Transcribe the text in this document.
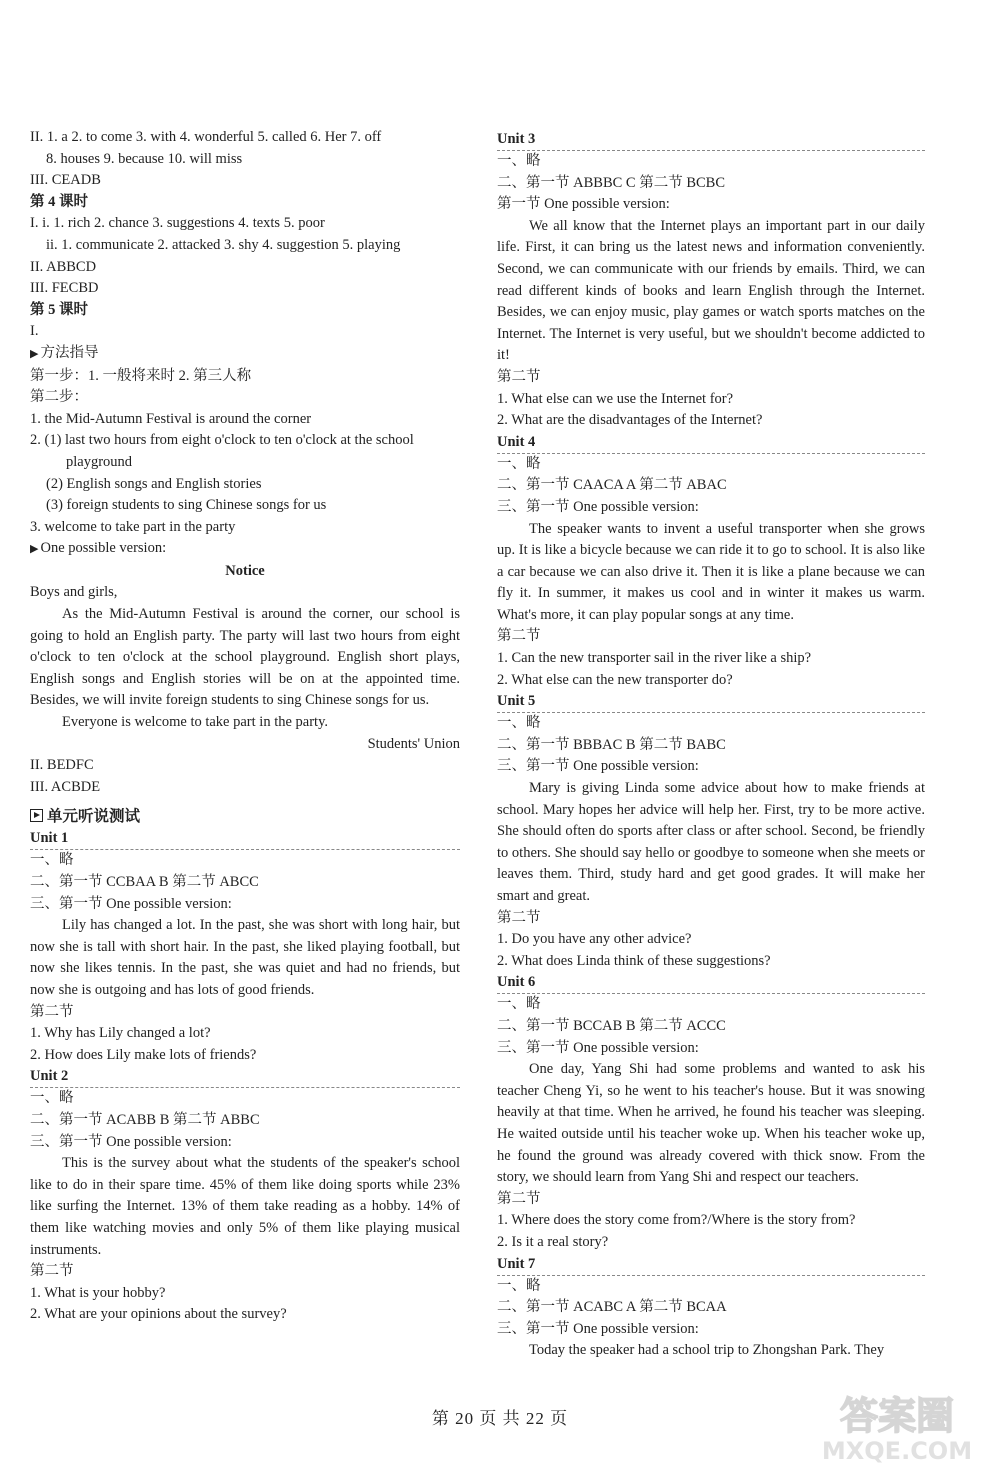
II. 1. a 2. to come 3. with 4. wonderful 5. called 6. Her 7. off
8. houses 9. because 10. will miss
III. CEADB
第 4 课时
I. i. 1. rich 2. chance 3. suggestions 4. texts 5. poor
ii. 1. communicate 2. attacked 3. shy 4. suggestion 5. playing
II. ABBCD
III. FECBD
第 5 课时
I.
▶ 方法指导
第一步：1. 一般将来时 2. 第三人称
第二步：
1. the Mid-Autumn Festival is around the corner
2. (1) last two hours from eight o'clock to ten o'clock at the school
playground
(2) English songs and English stories
(3) foreign students to sing Chinese songs for us
3. welcome to take part in the party
▶ One possible version:
Notice
Boys and girls,
As the Mid-Autumn Festival is around the corner, our school is going to hold an English party. The party will last two hours from eight o'clock to ten o'clock at the school playground. English short plays, English songs and English stories will be on at the appointed time. Besides, we will invite foreign students to sing Chinese songs for us.
Everyone is welcome to take part in the party.
Students' Union
II. BEDFC
III. ACBDE
单元听说测试
Unit 1
一、略
二、第一节 CCBAA B 第二节 ABCC
三、第一节 One possible version:
Lily has changed a lot. In the past, she was short with long hair, but now she is tall with short hair. In the past, she liked playing football, but now she likes tennis. In the past, she was quiet and had no friends, but now she is outgoing and has lots of good friends.
第二节
1. Why has Lily changed a lot?
2. How does Lily make lots of friends?
Unit 2
一、略
二、第一节 ACABB B 第二节 ABBC
三、第一节 One possible version:
This is the survey about what the students of the speaker's school like to do in their spare time. 45% of them like doing sports while 23% like surfing the Internet. 13% of them take reading as a hobby. 14% of them like watching movies and only 5% of them like playing musical instruments.
第二节
1. What is your hobby?
2. What are your opinions about the survey?
Unit 3
一、略
二、第一节 ABBBC C 第二节 BCBC
第一节 One possible version:
We all know that the Internet plays an important part in our daily life. First, it can bring us the latest news and information conveniently. Second, we can communicate with our friends by emails. Third, we can read different kinds of books and learn English through the Internet. Besides, we can enjoy music, play games or watch sports matches on the Internet. The Internet is very useful, but we shouldn't become addicted to it!
第二节
1. What else can we use the Internet for?
2. What are the disadvantages of the Internet?
Unit 4
一、略
二、第一节 CAACA A 第二节 ABAC
三、第一节 One possible version:
The speaker wants to invent a useful transporter when she grows up. It is like a bicycle because we can ride it to go to school. It is also like a car because we can also drive it. Then it is like a plane because we can fly it. In summer, it makes us cool and in winter it makes us warm. What's more, it can play popular songs at any time.
第二节
1. Can the new transporter sail in the river like a ship?
2. What else can the new transporter do?
Unit 5
一、略
二、第一节 BBBAC B 第二节 BABC
三、第一节 One possible version:
Mary is giving Linda some advice about how to make friends at school. Mary hopes her advice will help her. First, try to be more active. She should often do sports after class or after school. Second, be friendly to others. She should say hello or goodbye to someone when she meets or leaves them. Third, study hard and get good grades. It will make her smart and great.
第二节
1. Do you have any other advice?
2. What does Linda think of these suggestions?
Unit 6
一、略
二、第一节 BCCAB B 第二节 ACCC
三、第一节 One possible version:
One day, Yang Shi had some problems and wanted to ask his teacher Cheng Yi, so he went to his teacher's house. But it was snowing heavily at that time. When he arrived, he found his teacher was sleeping. He waited outside until his teacher woke up. When his teacher woke up, he found the ground was already covered with thick snow. From the story, we should learn from Yang Shi and respect our teachers.
第二节
1. Where does the story come from?/Where is the story from?
2. Is it a real story?
Unit 7
一、略
二、第一节 ACABC A 第二节 BCAA
三、第一节 One possible version:
Today the speaker had a school trip to Zhongshan Park. They
第 20 页 共 22 页	答案圈
MXQE.COM
